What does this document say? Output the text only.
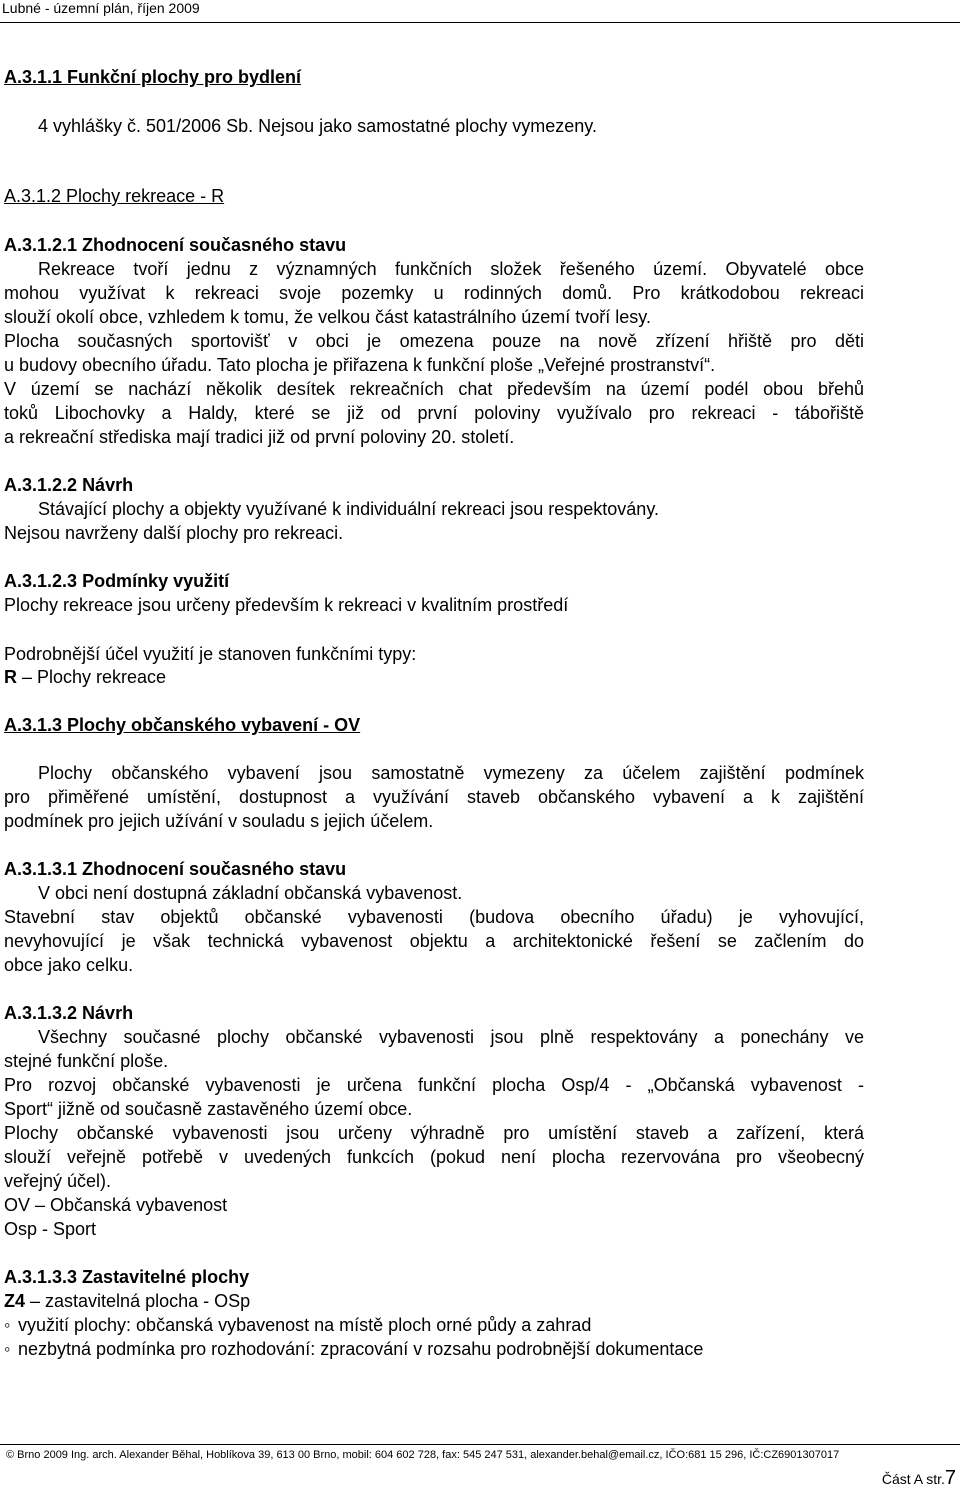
Lubné - územní plán, říjen 2009
A.3.1.1 Funkční plochy pro bydlení
4 vyhlášky č. 501/2006 Sb. Nejsou jako samostatné plochy vymezeny.
A.3.1.2 Plochy rekreace - R
A.3.1.2.1 Zhodnocení současného stavu
Rekreace tvoří jednu z významných funkčních složek řešeného území. Obyvatelé obce
mohou využívat k rekreaci svoje pozemky u rodinných domů. Pro krátkodobou rekreaci
slouží okolí obce, vzhledem k tomu, že velkou část katastrálního území tvoří lesy.
Plocha současných sportovišť v obci je omezena pouze na nově zřízení hřiště pro děti
u budovy obecního úřadu. Tato plocha je přiřazena k funkční ploše „Veřejné prostranství“.
V území se nachází několik desítek rekreačních chat především na území podél obou břehů
toků Libochovky a Haldy, které se již od první poloviny využívalo pro rekreaci - tábořiště
a rekreační střediska mají tradici již od první poloviny 20. století.
A.3.1.2.2 Návrh
Stávající plochy a objekty využívané k individuální rekreaci jsou respektovány.
Nejsou navrženy další plochy pro rekreaci.
A.3.1.2.3 Podmínky využití
Plochy rekreace jsou určeny především k rekreaci v kvalitním prostředí
Podrobnější účel využití je stanoven funkčními typy:
R – Plochy rekreace
A.3.1.3 Plochy občanského vybavení - OV
Plochy občanského vybavení jsou samostatně vymezeny za účelem zajištění podmínek
pro přiměřené umístění, dostupnost a využívání staveb občanského vybavení a k zajištění
podmínek pro jejich užívání v souladu s jejich účelem.
A.3.1.3.1 Zhodnocení současného stavu
V obci není dostupná základní občanská vybavenost.
Stavební stav objektů občanské vybavenosti (budova obecního úřadu) je vyhovující,
nevyhovující je však technická vybavenost objektu a architektonické řešení se začlením do
obce jako celku.
A.3.1.3.2 Návrh
Všechny současné plochy občanské vybavenosti jsou plně respektovány a ponechány ve
stejné funkční ploše.
Pro rozvoj občanské vybavenosti je určena funkční plocha Osp/4 - „Občanská vybavenost -
Sport“ jižně od současně zastavěného území obce.
Plochy občanské vybavenosti jsou určeny výhradně pro umístění staveb a zařízení, která
slouží veřejně potřebě v uvedených funkcích (pokud není plocha rezervována pro všeobecný
veřejný účel).
OV – Občanská vybavenost
Osp - Sport
A.3.1.3.3 Zastavitelné plochy
Z4 – zastavitelná plocha - OSp
◦ využití plochy: občanská vybavenost na místě ploch orné půdy a zahrad
◦ nezbytná podmínka pro rozhodování: zpracování v rozsahu podrobnější dokumentace
© Brno 2009 Ing. arch. Alexander Běhal, Hoblíkova 39, 613 00 Brno, mobil: 604 602 728, fax: 545 247 531, alexander.behal@email.cz, IČO:681 15 296, IČ:CZ6901307017
Část A str.7
